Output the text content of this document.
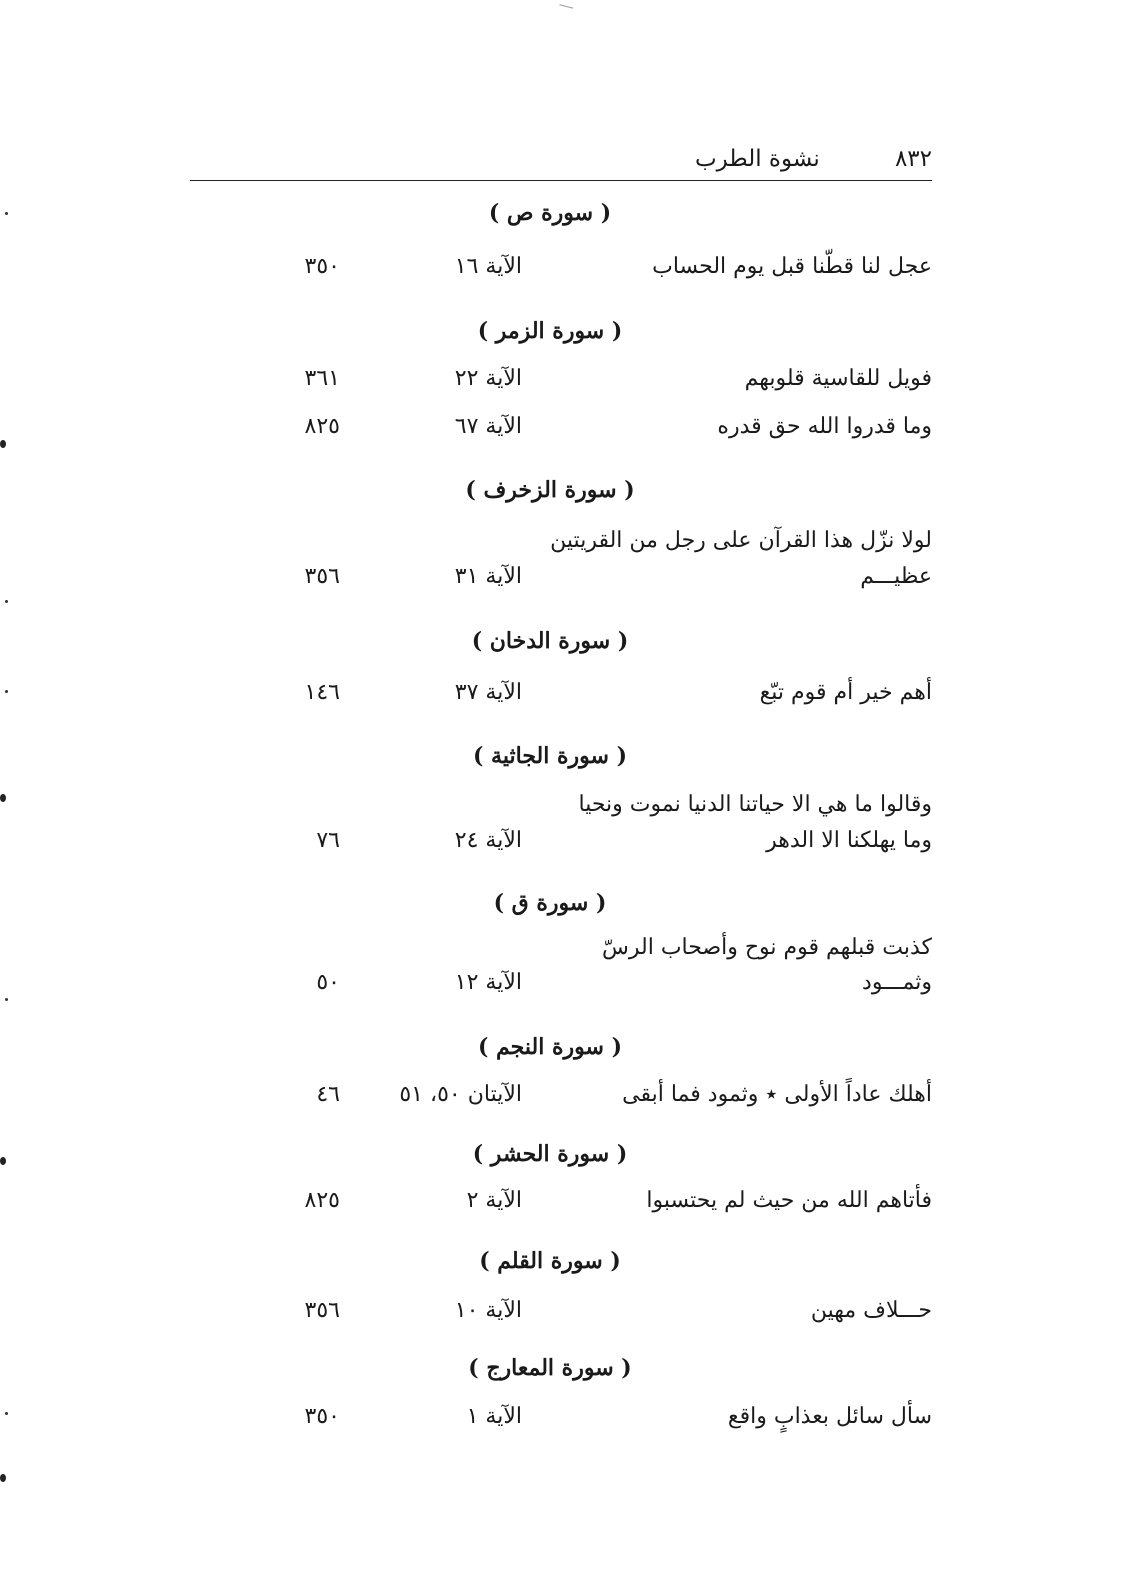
نشوة الطرب	٨٣٢
( سورة ص )
عجل لنا قطّنا قبل يوم الحساب
الآية ١٦
٣٥٠
( سورة الزمر )
فويل للقاسية قلوبهم
الآية ٢٢
٣٦١
وما قدروا الله حق قدره
الآية ٦٧
٨٢٥
( سورة الزخرف )
لولا نزّل هذا القرآن على رجل من القريتين
عظيـــم
الآية ٣١
٣٥٦
( سورة الدخان )
أهم خير أم قوم تبّع
الآية ٣٧
١٤٦
( سورة الجاثية )
وقالوا ما هي الا حياتنا الدنيا نموت ونحيا
وما يهلكنا الا الدهر
الآية ٢٤
٧٦
( سورة ق )
كذبت قبلهم قوم نوح وأصحاب الرسّ
وثمـــود
الآية ١٢
٥٠
( سورة النجم )
أهلك عاداً الأولى ٭ وثمود فما أبقى
الآيتان ٥٠، ٥١
٤٦
( سورة الحشر )
فأتاهم الله من حيث لم يحتسبوا
الآية ٢
٨٢٥
( سورة القلم )
حـــلاف مهين
الآية ١٠
٣٥٦
( سورة المعارج )
سأل سائل بعذابٍ واقع
الآية ١
٣٥٠
